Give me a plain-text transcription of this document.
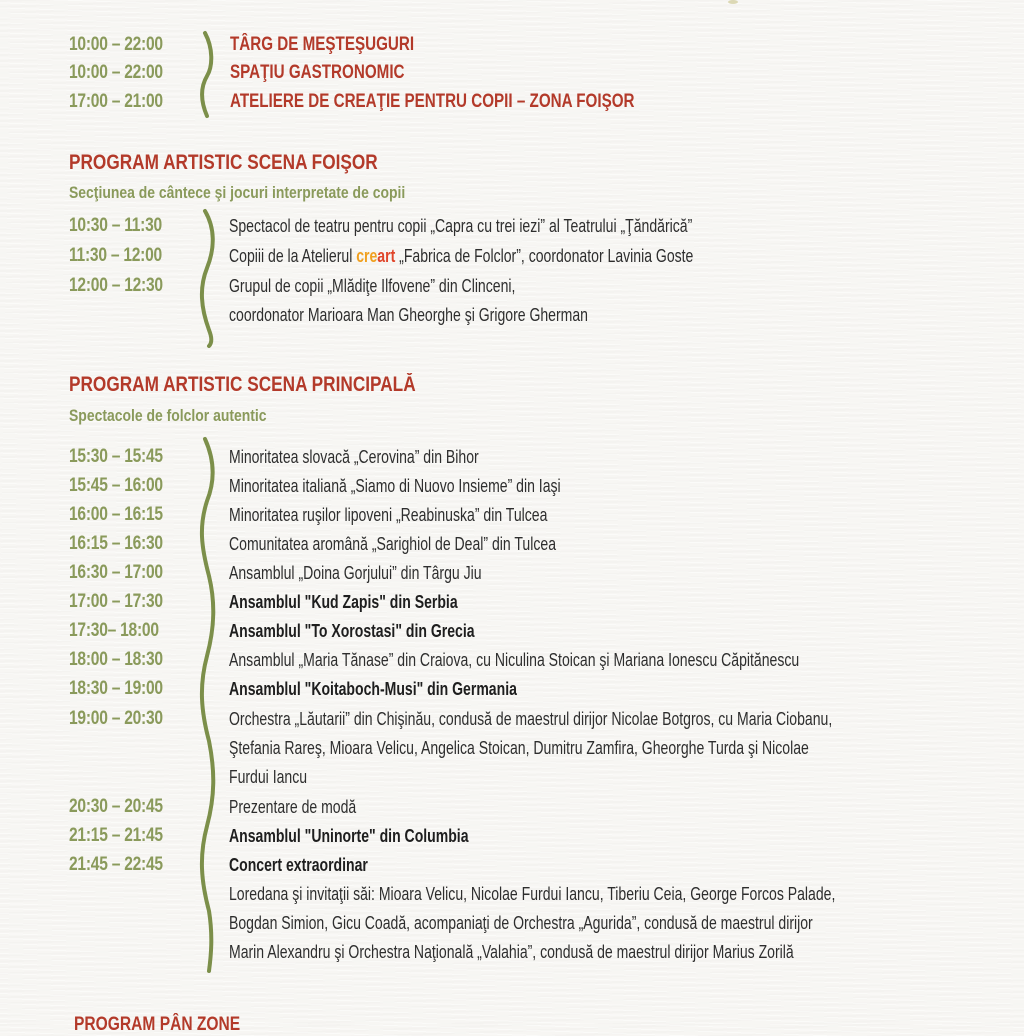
10:00 – 22:00	TÂRG DE MEŞTEŞUGURI
10:00 – 22:00	SPAŢIU GASTRONOMIC
17:00 – 21:00	ATELIERE DE CREAŢIE PENTRU COPII – ZONA FOIŞOR
PROGRAM ARTISTIC SCENA FOIŞOR
Secţiunea de cântece şi jocuri interpretate de copii
10:30 – 11:30	Spectacol de teatru pentru copii „Capra cu trei iezi” al Teatrului „Ţăndărică”
11:30 – 12:00	Copiii de la Atelierul creart „Fabrica de Folclor”, coordonator Lavinia Goste
12:00 – 12:30	Grupul de copii „Mlădiţe Ilfovene” din Clinceni,
coordonator Marioara Man Gheorghe şi Grigore Gherman
PROGRAM ARTISTIC SCENA PRINCIPALĂ
Spectacole de folclor autentic
15:30 – 15:45	Minoritatea slovacă „Cerovina” din Bihor
15:45 – 16:00	Minoritatea italiană „Siamo di Nuovo Insieme” din Iaşi
16:00 – 16:15	Minoritatea ruşilor lipoveni „Reabinuska” din Tulcea
16:15 – 16:30	Comunitatea aromână „Sarighiol de Deal” din Tulcea
16:30 – 17:00	Ansamblul „Doina Gorjului” din Târgu Jiu
17:00 – 17:30	Ansamblul "Kud Zapis" din Serbia
17:30– 18:00	Ansamblul "To Xorostasi" din Grecia
18:00 – 18:30	Ansamblul „Maria Tănase” din Craiova, cu Niculina Stoican şi Mariana Ionescu Căpitănescu
18:30 – 19:00	Ansamblul "Koitaboch-Musi" din Germania
19:00 – 20:30	Orchestra „Lăutarii” din Chişinău, condusă de maestrul dirijor Nicolae Botgros, cu Maria Ciobanu,
Ştefania Rareş, Mioara Velicu, Angelica Stoican, Dumitru Zamfira, Gheorghe Turda şi Nicolae
Furdui Iancu
20:30 – 20:45	Prezentare de modă
21:15 – 21:45	Ansamblul "Uninorte" din Columbia
21:45 – 22:45	Concert extraordinar
Loredana şi invitaţii săi: Mioara Velicu, Nicolae Furdui Iancu, Tiberiu Ceia, George Forcos Palade,
Bogdan Simion, Gicu Coadă, acompaniaţi de Orchestra „Agurida”, condusă de maestrul dirijor
Marin Alexandru şi Orchestra Naţională „Valahia”, condusă de maestrul dirijor Marius Zorilă
PROGRAM PÂN ZONE
